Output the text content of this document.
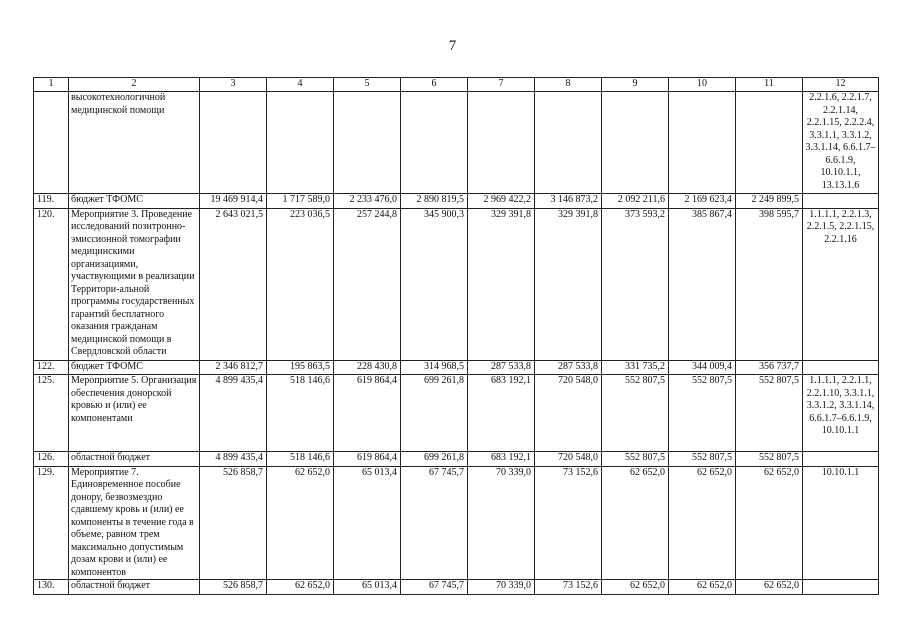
7
1	2	3	4	5	6	7	8	9	10	11	12
	высокотехнологичной медицинской помощи										2.2.1.6, 2.2.1.7, 2.2.1.14, 2.2.1.15, 2.2.2.4, 3.3.1.1, 3.3.1.2, 3.3.1.14, 6.6.1.7–6.6.1.9, 10.10.1.1, 13.13.1.6
119.	бюджет ТФОМС	19 469 914,4	1 717 589,0	2 233 476,0	2 890 819,5	2 969 422,2	3 146 873,2	2 092 211,6	2 169 623,4	2 249 899,5	
120.	Мероприятие 3. Проведение исследований позитронно-эмиссионной томографии медицинскими организациями, участвующими в реализации Территори-альной программы государственных гарантий бесплатного оказания гражданам медицинской помощи в Свердловской области	2 643 021,5	223 036,5	257 244,8	345 900,3	329 391,8	329 391,8	373 593,2	385 867,4	398 595,7	1.1.1.1, 2.2.1.3, 2.2.1.5, 2.2.1.15, 2.2.1.16
122.	бюджет ТФОМС	2 346 812,7	195 863,5	228 430,8	314 968,5	287 533,8	287 533,8	331 735,2	344 009,4	356 737,7	
125.	Мероприятие 5. Организация обеспечения донорской кровью и (или) ее компонентами	4 899 435,4	518 146,6	619 864,4	699 261,8	683 192,1	720 548,0	552 807,5	552 807,5	552 807,5	1.1.1.1, 2.2.1.1, 2.2.1.10, 3.3.1.1, 3.3.1.2, 3.3.1.14, 6.6.1.7–6.6.1.9, 10.10.1.1
126.	областной бюджет	4 899 435,4	518 146,6	619 864,4	699 261,8	683 192,1	720 548,0	552 807,5	552 807,5	552 807,5	
129.	Мероприятие 7. Единовременное пособие донору, безвозмездно сдавшему кровь и (или) ее компоненты в течение года в объеме, равном трем максимально допустимым дозам крови и (или) ее компонентов	526 858,7	62 652,0	65 013,4	67 745,7	70 339,0	73 152,6	62 652,0	62 652,0	62 652,0	10.10.1.1
130.	областной бюджет	526 858,7	62 652,0	65 013,4	67 745,7	70 339,0	73 152,6	62 652,0	62 652,0	62 652,0	
